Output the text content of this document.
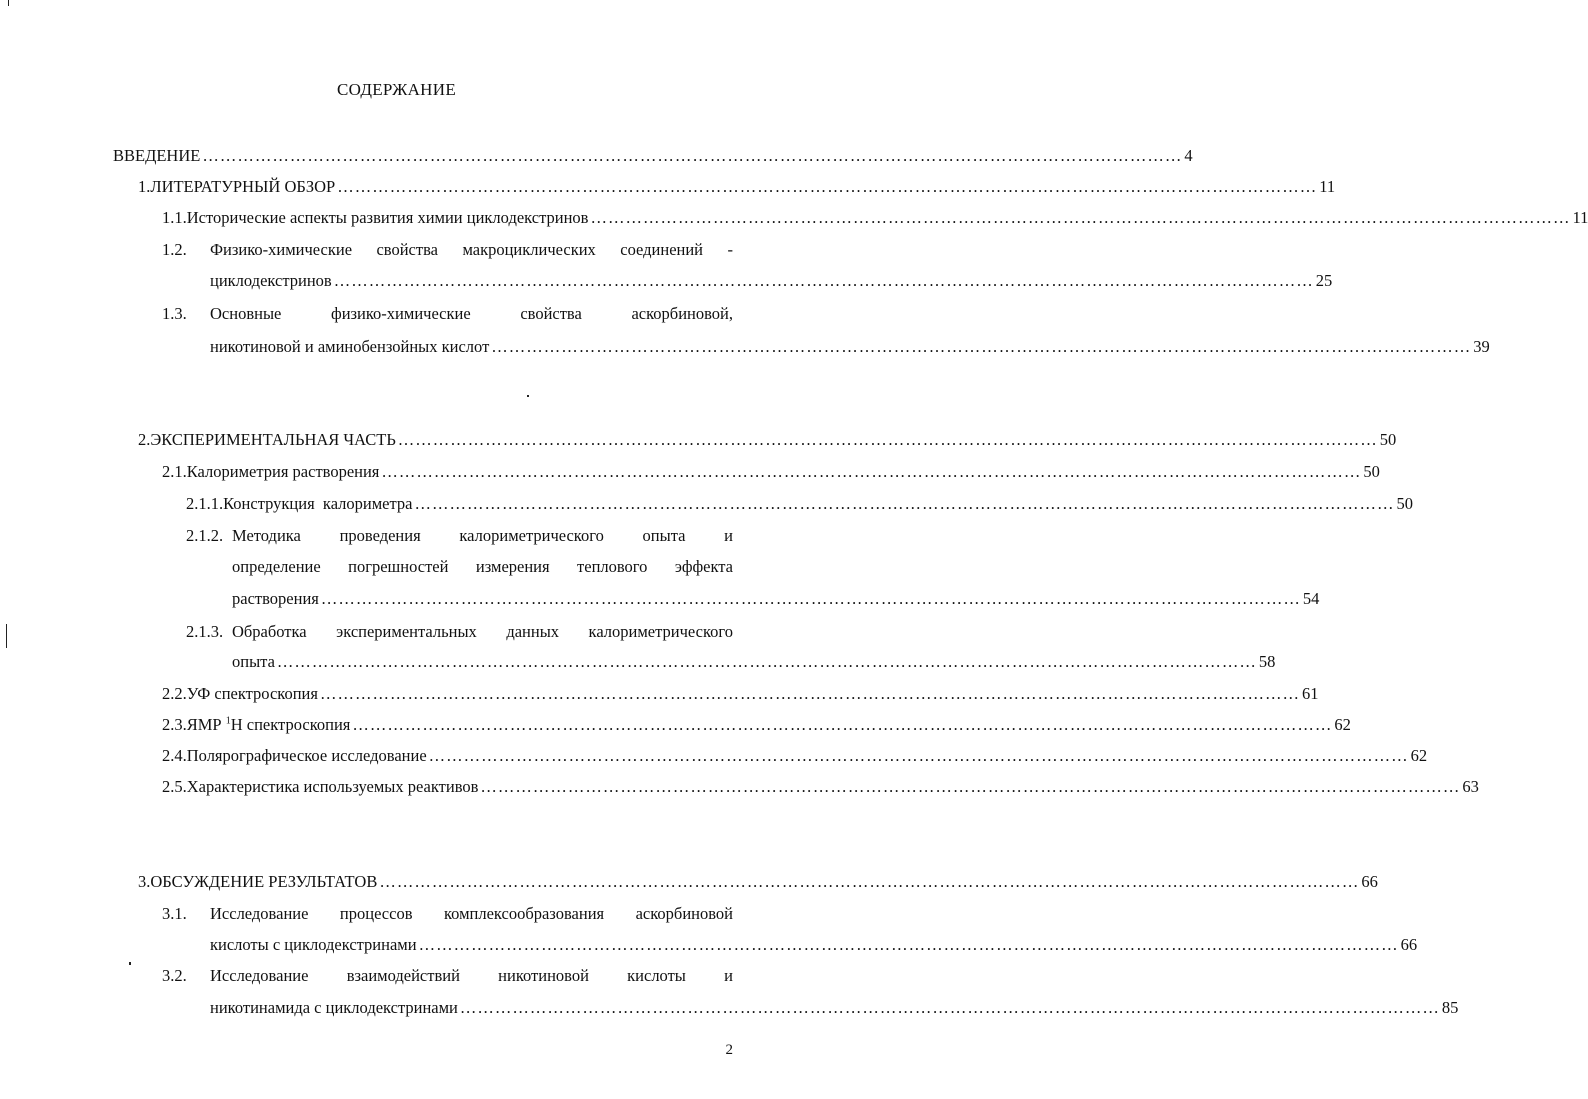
СОДЕРЖАНИЕ
ВВЕДЕНИЕ …………………………………………………………………………………………………………………………………………………… 4
1. ЛИТЕРАТУРНЫЙ ОБЗОР …………………………………………………………………………………………………………………………………………………… 11
1.1. Исторические аспекты развития химии циклодекстринов …………………………………………………………………………………………………………………………………………………… 11
1.2. Физико-химические свойства макроциклических соединений -
циклодекстринов …………………………………………………………………………………………………………………………………………………… 25
1.3. Основные	физико-химические	свойства	аскорбиновой,
никотиновой и аминобензойных кислот …………………………………………………………………………………………………………………………………………………… 39
2. ЭКСПЕРИМЕНТАЛЬНАЯ ЧАСТЬ …………………………………………………………………………………………………………………………………………………… 50
2.1. Калориметрия растворения …………………………………………………………………………………………………………………………………………………… 50
2.1.1. Конструкция  калориметра …………………………………………………………………………………………………………………………………………………… 50
2.1.2. Методика проведения калориметрического опыта и
определение погрешностей измерения теплового эффекта
растворения …………………………………………………………………………………………………………………………………………………… 54
2.1.3. Обработка экспериментальных данных калориметрического
опыта …………………………………………………………………………………………………………………………………………………… 58
2.2. УФ спектроскопия …………………………………………………………………………………………………………………………………………………… 61
2.3. ЯМР $^1$H спектроскопия …………………………………………………………………………………………………………………………………………………… 62
2.4. Полярографическое исследование …………………………………………………………………………………………………………………………………………………… 62
2.5. Характеристика используемых реактивов …………………………………………………………………………………………………………………………………………………… 63
3. ОБСУЖДЕНИЕ РЕЗУЛЬТАТОВ …………………………………………………………………………………………………………………………………………………… 66
3.1. Исследование процессов комплексообразования аскорбиновой
кислоты с циклодекстринами …………………………………………………………………………………………………………………………………………………… 66
3.2. Исследование взаимодействий никотиновой кислоты и
никотинамида с циклодекстринами …………………………………………………………………………………………………………………………………………………… 85
2
